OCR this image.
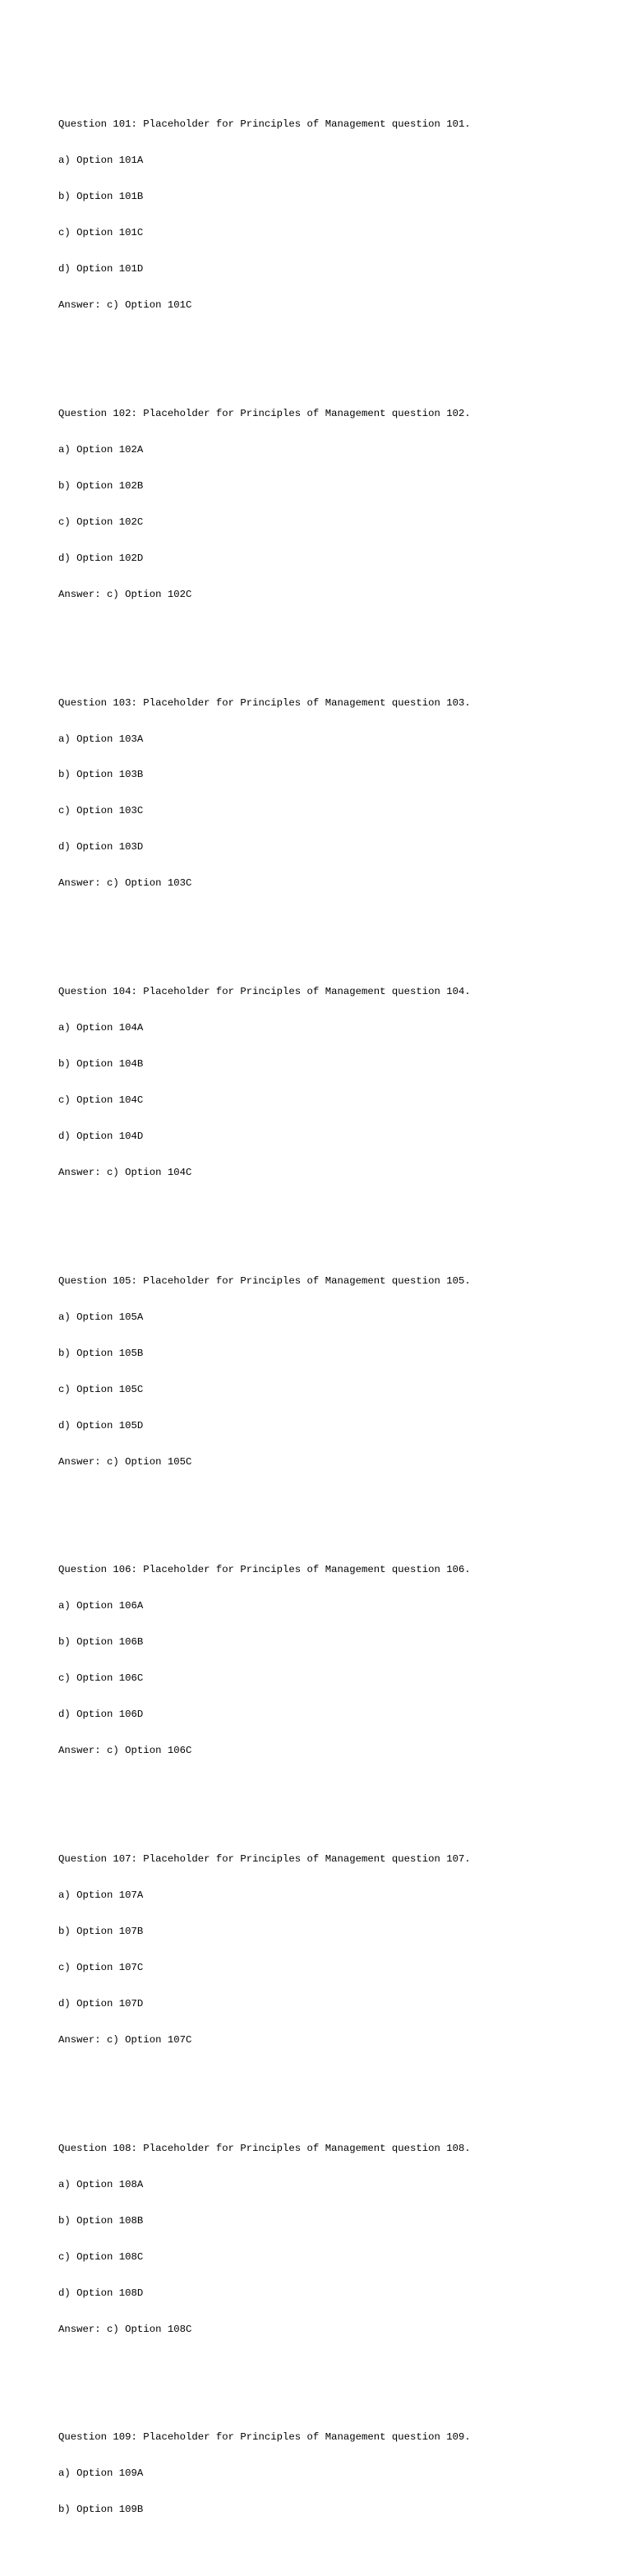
Question 101: Placeholder for Principles of Management question 101.

a) Option 101A

b) Option 101B

c) Option 101C

d) Option 101D

Answer: c) Option 101C

Question 102: Placeholder for Principles of Management question 102.

a) Option 102A

b) Option 102B

c) Option 102C

d) Option 102D

Answer: c) Option 102C

Question 103: Placeholder for Principles of Management question 103.

a) Option 103A

b) Option 103B

c) Option 103C

d) Option 103D

Answer: c) Option 103C

Question 104: Placeholder for Principles of Management question 104.

a) Option 104A

b) Option 104B

c) Option 104C

d) Option 104D

Answer: c) Option 104C

Question 105: Placeholder for Principles of Management question 105.

a) Option 105A

b) Option 105B

c) Option 105C

d) Option 105D

Answer: c) Option 105C

Question 106: Placeholder for Principles of Management question 106.

a) Option 106A

b) Option 106B

c) Option 106C

d) Option 106D

Answer: c) Option 106C

Question 107: Placeholder for Principles of Management question 107.

a) Option 107A

b) Option 107B

c) Option 107C

d) Option 107D

Answer: c) Option 107C

Question 108: Placeholder for Principles of Management question 108.

a) Option 108A

b) Option 108B

c) Option 108C

d) Option 108D

Answer: c) Option 108C

Question 109: Placeholder for Principles of Management question 109.

a) Option 109A

b) Option 109B
